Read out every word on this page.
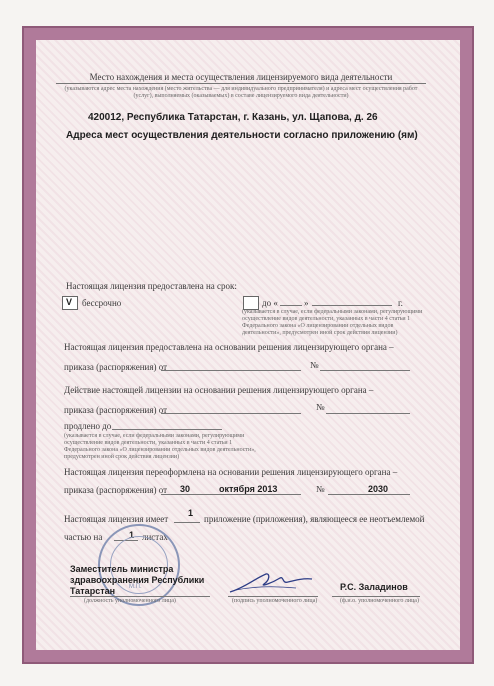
Место нахождения и места осуществления лицензируемого вида деятельности
(указываются адрес места нахождения (место жительства — для индивидуального предпринимателя) и адреса мест осуществления работ (услуг), выполняемых (оказываемых) в составе лицензируемого вида деятельности)
420012, Республика Татарстан, г. Казань, ул. Щапова, д. 26
Адреса мест осуществления деятельности согласно приложению (ям)
Настоящая лицензия предоставлена на срок:
V бессрочно	до «	»	г.
(указывается в случае, если федеральными законами, регулирующими осуществление видов деятельности, указанных в части 4 статьи 1 Федерального закона «О лицензировании отдельных видов деятельности», предусмотрен иной срок действия лицензии)
Настоящая лицензия предоставлена на основании решения лицензирующего органа –
приказа (распоряжения) от	№
Действие настоящей лицензии на основании решения лицензирующего органа –
приказа (распоряжения) от	№
продлено до
(указывается в случае, если федеральными законами, регулирующими осуществление видов деятельности, указанных в части 4 статьи 1 Федерального закона «О лицензировании отдельных видов деятельности», предусмотрен иной срок действия лицензии)
Настоящая лицензия переоформлена на основании решения лицензирующего органа –
приказа (распоряжения) от 30	октября 2013	№	2030
Настоящая лицензия имеет
1
приложение (приложения), являющееся ее неотъемлемой
частью на	1 листах
М.П.
Заместитель министра
здравоохранения Республики
Татарстан
(должность уполномоченного лица)	(подпись уполномоченного лица)
Р.С. Заладинов
(ф.и.о. уполномоченного лица)
